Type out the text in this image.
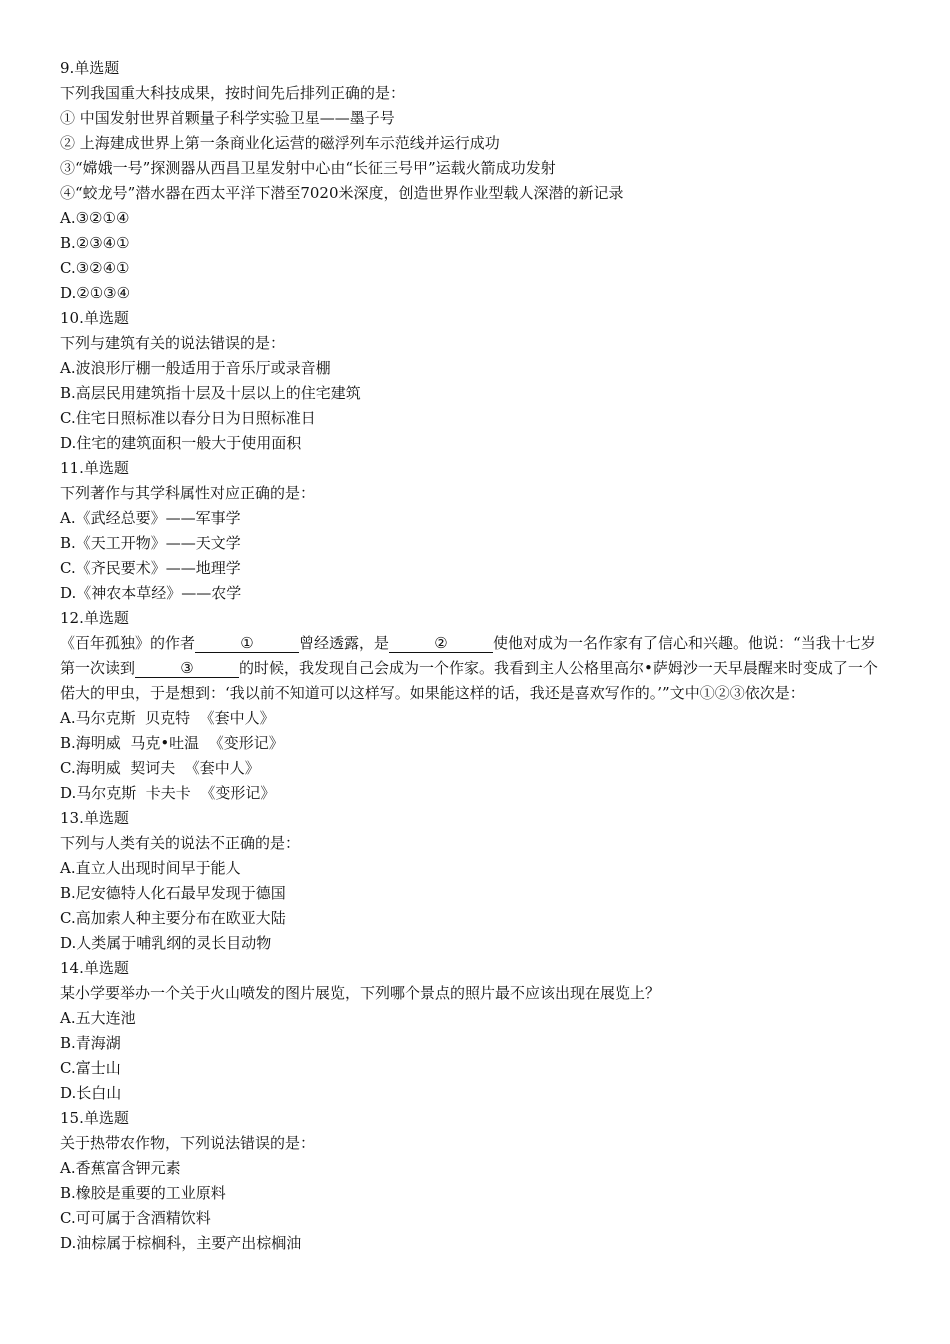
9.单选题

下列我国重大科技成果，按时间先后排列正确的是：

① 中国发射世界首颗量子科学实验卫星——墨子号

② 上海建成世界上第一条商业化运营的磁浮列车示范线并运行成功

③“嫦娥一号”探测器从西昌卫星发射中心由“长征三号甲”运载火箭成功发射

④“蛟龙号”潜水器在西太平洋下潜至7020米深度，创造世界作业型载人深潜的新记录

A.③②①④

B.②③④①

C.③②④①

D.②①③④

10.单选题

下列与建筑有关的说法错误的是：

A.波浪形厅棚一般适用于音乐厅或录音棚

B.高层民用建筑指十层及十层以上的住宅建筑

C.住宅日照标准以春分日为日照标准日

D.住宅的建筑面积一般大于使用面积

11.单选题

下列著作与其学科属性对应正确的是：

A.《武经总要》——军事学

B.《天工开物》——天文学

C.《齐民要术》——地理学

D.《神农本草经》——农学

12.单选题

《百年孤独》的作者	①	曾经透露，是	②	使他对成为一名作家有了信心和兴趣。他说：“当我十七岁第一次读到	③	的时候，我发现自己会成为一个作家。我看到主人公格里高尔•萨姆沙一天早晨醒来时变成了一个偌大的甲虫，于是想到：‘我以前不知道可以这样写。如果能这样的话，我还是喜欢写作的。’”文中①②③依次是：

A.马尔克斯  贝克特  《套中人》

B.海明威  马克•吐温  《变形记》

C.海明威  契诃夫  《套中人》

D.马尔克斯  卡夫卡  《变形记》

13.单选题

下列与人类有关的说法不正确的是：

A.直立人出现时间早于能人

B.尼安德特人化石最早发现于德国

C.高加索人种主要分布在欧亚大陆

D.人类属于哺乳纲的灵长目动物

14.单选题

某小学要举办一个关于火山喷发的图片展览，下列哪个景点的照片最不应该出现在展览上？

A.五大连池

B.青海湖

C.富士山

D.长白山

15.单选题

关于热带农作物，下列说法错误的是：

A.香蕉富含钾元素

B.橡胶是重要的工业原料

C.可可属于含酒精饮料

D.油棕属于棕榈科，主要产出棕榈油
